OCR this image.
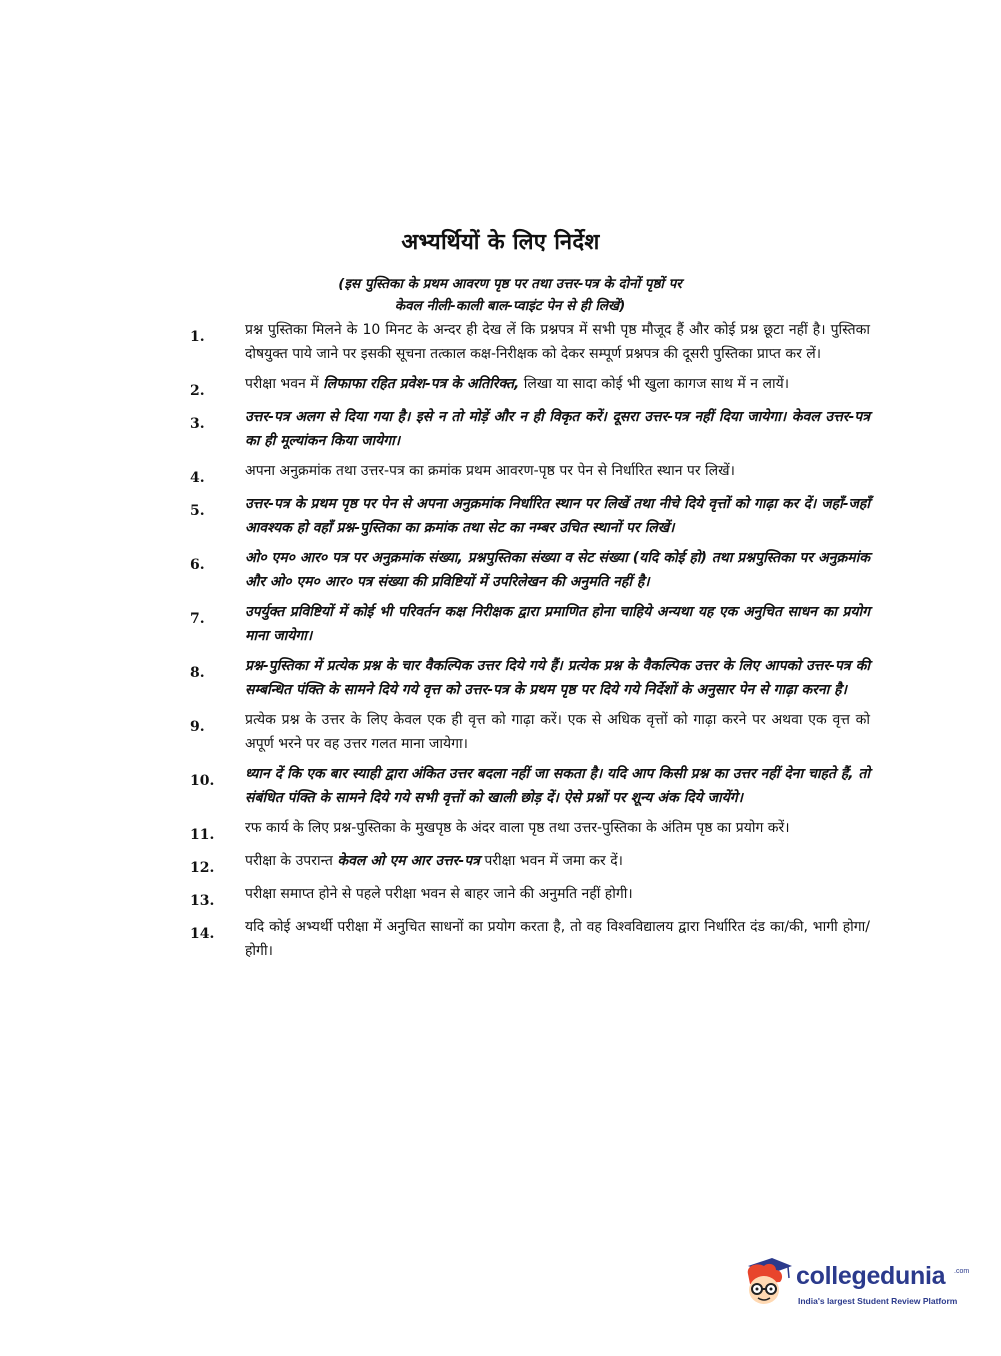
अभ्यर्थियों के लिए निर्देश
(इस पुस्तिका के प्रथम आवरण पृष्ठ पर तथा उत्तर-पत्र के दोनों पृष्ठों पर
केवल नीली-काली बाल-प्वाइंट पेन से ही लिखें)
1.	प्रश्न पुस्तिका मिलने के 10 मिनट के अन्दर ही देख लें कि प्रश्नपत्र में सभी पृष्ठ मौजूद हैं और कोई प्रश्न छूटा नहीं है। पुस्तिका दोषयुक्त पाये जाने पर इसकी सूचना तत्काल कक्ष-निरीक्षक को देकर सम्पूर्ण प्रश्नपत्र की दूसरी पुस्तिका प्राप्त कर लें।
2.	परीक्षा भवन में लिफाफा रहित प्रवेश-पत्र के अतिरिक्त, लिखा या सादा कोई भी खुला कागज साथ में न लायें।
3.	उत्तर-पत्र अलग से दिया गया है। इसे न तो मोड़ें और न ही विकृत करें। दूसरा उत्तर-पत्र नहीं दिया जायेगा। केवल उत्तर-पत्र का ही मूल्यांकन किया जायेगा।
4.	अपना अनुक्रमांक तथा उत्तर-पत्र का क्रमांक प्रथम आवरण-पृष्ठ पर पेन से निर्धारित स्थान पर लिखें।
5.	उत्तर-पत्र के प्रथम पृष्ठ पर पेन से अपना अनुक्रमांक निर्धारित स्थान पर लिखें तथा नीचे दिये वृत्तों को गाढ़ा कर दें। जहाँ-जहाँ आवश्यक हो वहाँ प्रश्न-पुस्तिका का क्रमांक तथा सेट का नम्बर उचित स्थानों पर लिखें।
6.	ओ० एम० आर० पत्र पर अनुक्रमांक संख्या, प्रश्नपुस्तिका संख्या व सेट संख्या (यदि कोई हो) तथा प्रश्नपुस्तिका पर अनुक्रमांक और ओ० एम० आर० पत्र संख्या की प्रविष्टियों में उपरिलेखन की अनुमति नहीं है।
7.	उपर्युक्त प्रविष्टियों में कोई भी परिवर्तन कक्ष निरीक्षक द्वारा प्रमाणित होना चाहिये अन्यथा यह एक अनुचित साधन का प्रयोग माना जायेगा।
8.	प्रश्न-पुस्तिका में प्रत्येक प्रश्न के चार वैकल्पिक उत्तर दिये गये हैं। प्रत्येक प्रश्न के वैकल्पिक उत्तर के लिए आपको उत्तर-पत्र की सम्बन्धित पंक्ति के सामने दिये गये वृत्त को उत्तर-पत्र के प्रथम पृष्ठ पर दिये गये निर्देशों के अनुसार पेन से गाढ़ा करना है।
9.	प्रत्येक प्रश्न के उत्तर के लिए केवल एक ही वृत्त को गाढ़ा करें। एक से अधिक वृत्तों को गाढ़ा करने पर अथवा एक वृत्त को अपूर्ण भरने पर वह उत्तर गलत माना जायेगा।
10.	ध्यान दें कि एक बार स्याही द्वारा अंकित उत्तर बदला नहीं जा सकता है। यदि आप किसी प्रश्न का उत्तर नहीं देना चाहते हैं, तो संबंधित पंक्ति के सामने दिये गये सभी वृत्तों को खाली छोड़ दें। ऐसे प्रश्नों पर शून्य अंक दिये जायेंगे।
11.	रफ कार्य के लिए प्रश्न-पुस्तिका के मुखपृष्ठ के अंदर वाला पृष्ठ तथा उत्तर-पुस्तिका के अंतिम पृष्ठ का प्रयोग करें।
12.	परीक्षा के उपरान्त केवल ओ एम आर उत्तर-पत्र परीक्षा भवन में जमा कर दें।
13.	परीक्षा समाप्त होने से पहले परीक्षा भवन से बाहर जाने की अनुमति नहीं होगी।
14.	यदि कोई अभ्यर्थी परीक्षा में अनुचित साधनों का प्रयोग करता है, तो वह विश्वविद्यालय द्वारा निर्धारित दंड का/की, भागी होगा/होगी।
collegedunia .com
India's largest Student Review Platform
